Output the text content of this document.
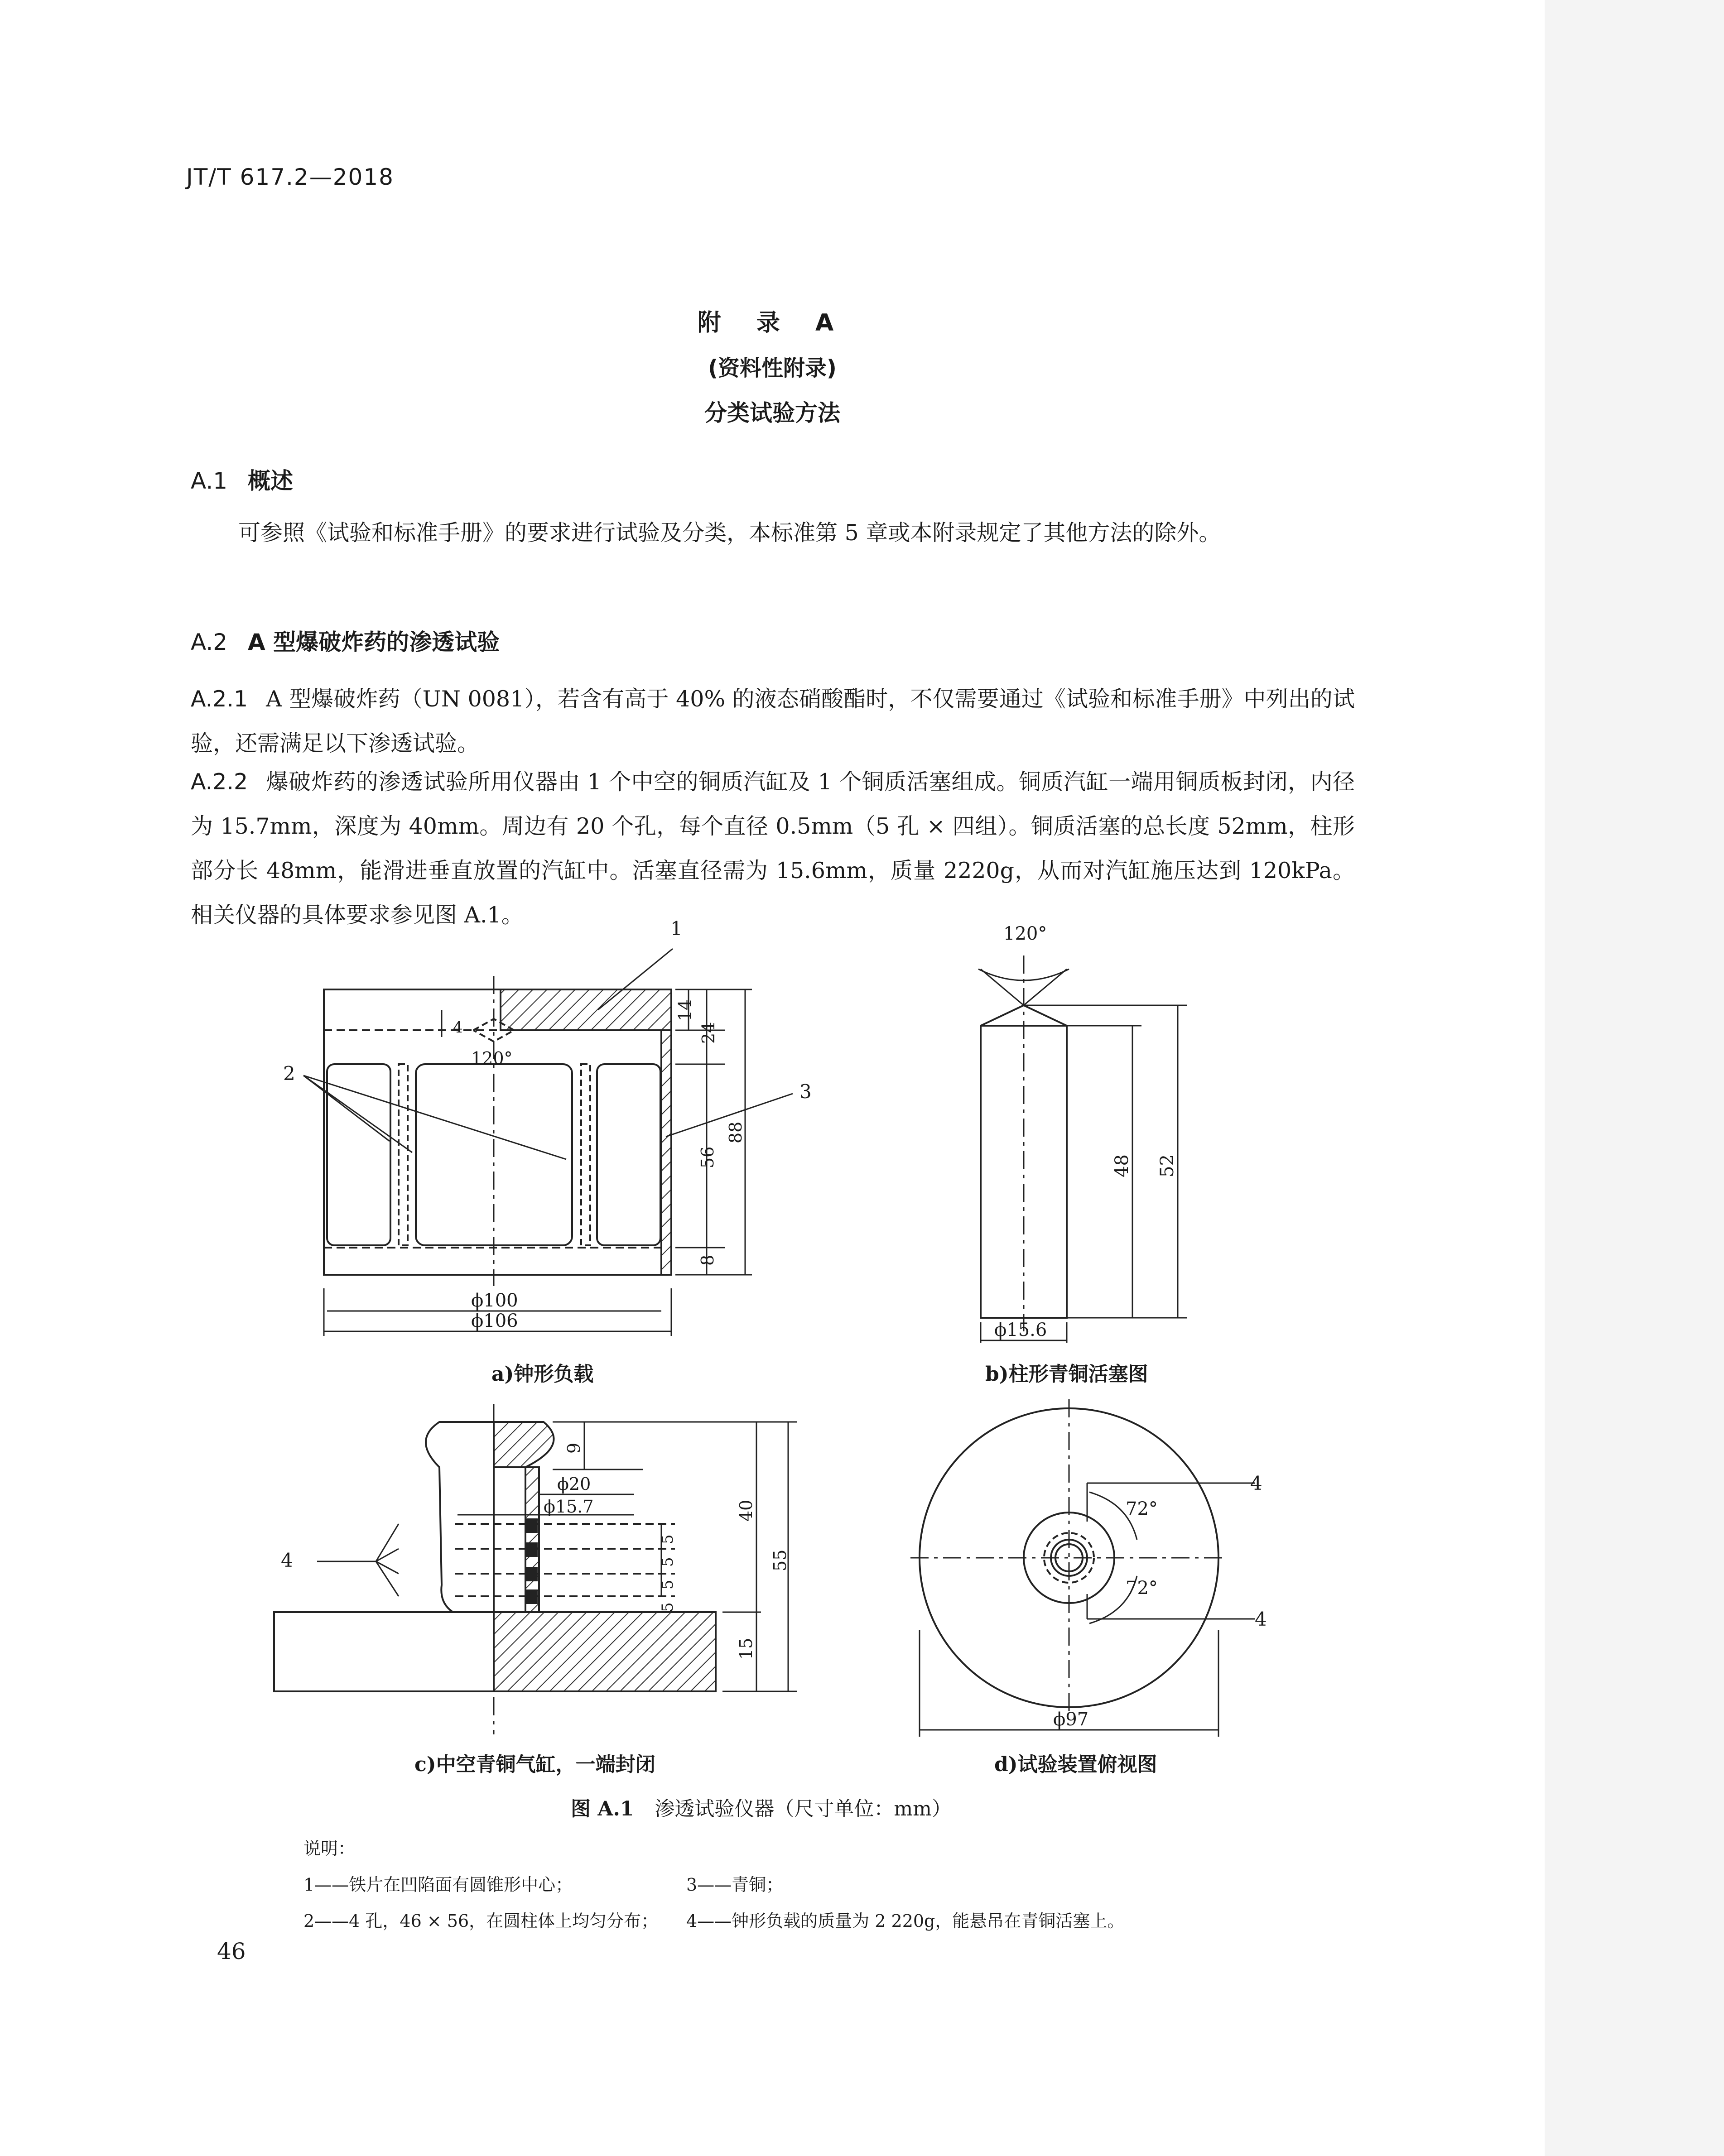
JT/T 617.2—2018
附 录 A
(资料性附录)
分类试验方法
A.1 概述
可参照《试验和标准手册》的要求进行试验及分类，本标准第 5 章或本附录规定了其他方法的除外。
A.2 A 型爆破炸药的渗透试验
A.2.1 A 型爆破炸药（UN 0081），若含有高于 40% 的液态硝酸酯时，不仅需要通过《试验和标准手册》中列出的试验，还需满足以下渗透试验。
A.2.2 爆破炸药的渗透试验所用仪器由 1 个中空的铜质汽缸及 1 个铜质活塞组成。铜质汽缸一端用铜质板封闭，内径为 15.7mm，深度为 40mm。周边有 20 个孔，每个直径 0.5mm（5 孔 × 四组）。铜质活塞的总长度 52mm，柱形部分长 48mm，能滑进垂直放置的汽缸中。活塞直径需为 15.6mm，质量 2220g，从而对汽缸施压达到 120kPa。相关仪器的具体要求参见图 A.1。
1
2
3
4
120°
14
24
56
88
8
ϕ100
ϕ106
120°
48 52
ϕ15.6
9
ϕ20
ϕ15.7	40
55
5
5
5
5
15
4
4
4
72°
72°
ϕ97
a)钟形负载	b)柱形青铜活塞图
c)中空青铜气缸，一端封闭	d)试验装置俯视图
图 A.1 渗透试验仪器（尺寸单位：mm）
说明：
1——铁片在凹陷面有圆锥形中心；	3——青铜；
2——4 孔，46 × 56，在圆柱体上均匀分布； 4——钟形负载的质量为 2 220g，能悬吊在青铜活塞上。
46
